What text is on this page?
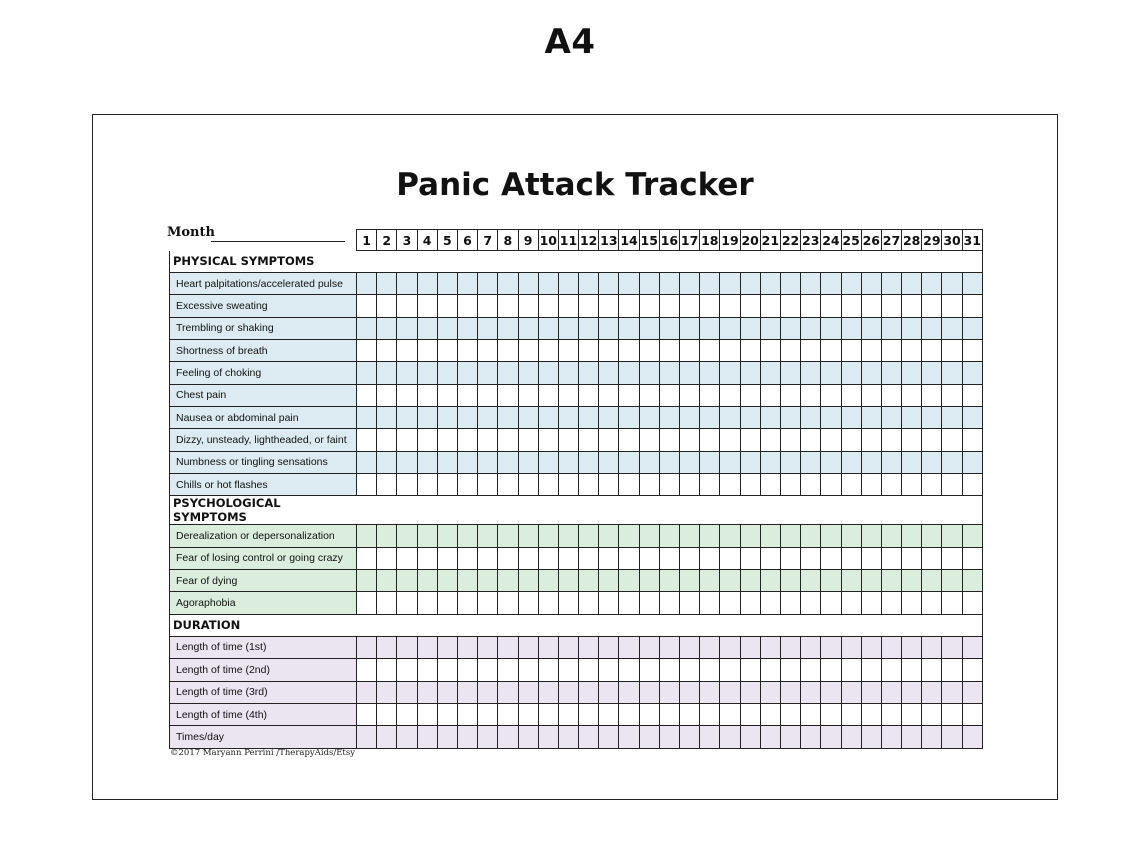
A4
Panic Attack Tracker
Month
		1	2	3	4	5	6	7	8	9	10	11	12	13	14	15	16	17	18	19	20	21	22	23	24	25	26	27	28	29	30	31
PHYSICAL SYMPTOMS																															
Heart palpitations/accelerated pulse																															
Excessive sweating																															
Trembling or shaking																															
Shortness of breath																															
Feeling of choking																															
Chest pain																															
Nausea or abdominal pain																															
Dizzy, unsteady, lightheaded, or faint																															
Numbness or tingling sensations																															
Chills or hot flashes																															
PSYCHOLOGICAL SYMPTOMS																															
Derealization or depersonalization																															
Fear of losing control or going crazy																															
Fear of dying																															
Agoraphobia																															
DURATION																															
Length of time (1st)																															
Length of time (2nd)																															
Length of time (3rd)																															
Length of time (4th)																															
Times/day																															
©2017 Maryann Perrini /TherapyAids/Etsy
